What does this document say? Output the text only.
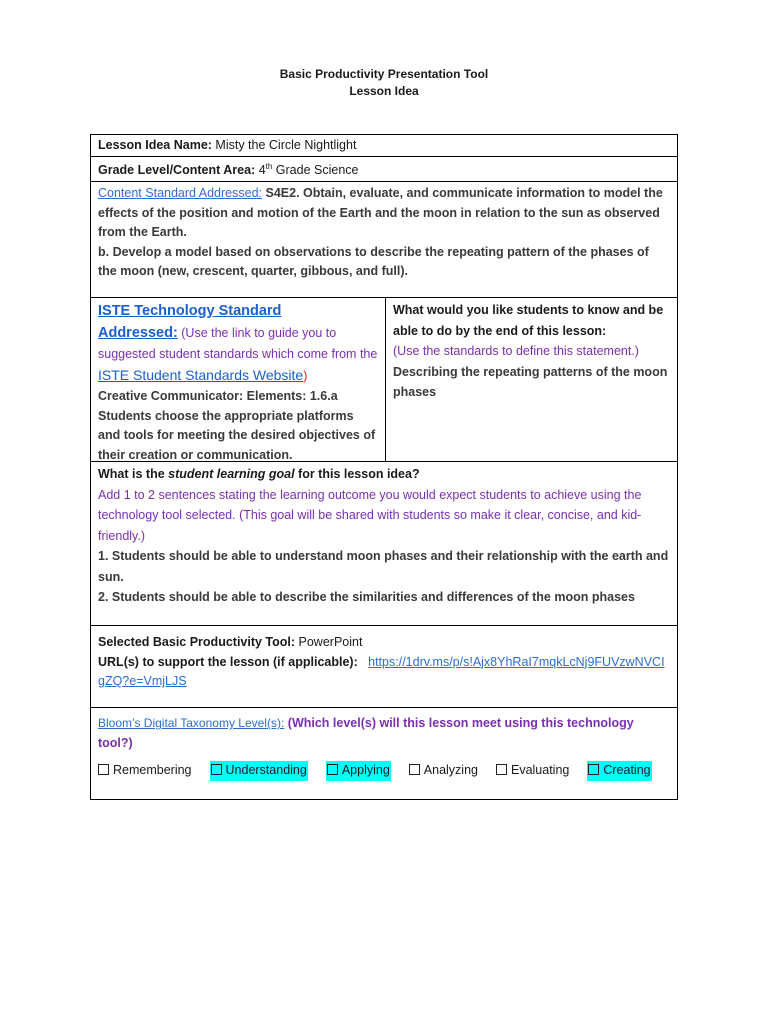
Basic Productivity Presentation Tool
Lesson Idea
Lesson Idea Name: Misty the Circle Nightlight
Grade Level/Content Area: 4th Grade Science
Content Standard Addressed: S4E2. Obtain, evaluate, and communicate information to model the effects of the position and motion of the Earth and the moon in relation to the sun as observed from the Earth.
b. Develop a model based on observations to describe the repeating pattern of the phases of the moon (new, crescent, quarter, gibbous, and full).
ISTE Technology Standard
Addressed: (Use the link to guide you to suggested student standards which come from the ISTE Student Standards Website)
Creative Communicator: Elements: 1.6.a Students choose the appropriate platforms and tools for meeting the desired objectives of their creation or communication.
What would you like students to know and be able to do by the end of this lesson:
(Use the standards to define this statement.)
Describing the repeating patterns of the moon phases
What is the student learning goal for this lesson idea?
Add 1 to 2 sentences stating the learning outcome you would expect students to achieve using the technology tool selected. (This goal will be shared with students so make it clear, concise, and kid-friendly.)
1. Students should be able to understand moon phases and their relationship with the earth and sun.
2. Students should be able to describe the similarities and differences of the moon phases
Selected Basic Productivity Tool: PowerPoint
URL(s) to support the lesson (if applicable): https://1drv.ms/p/s!Ajx8YhRaI7mqkLcNj9FUVzwNVCIgZQ?e=VmjLJS
Bloom’s Digital Taxonomy Level(s): (Which level(s) will this lesson meet using this technology tool?)
Remembering	Understanding	Applying	Analyzing	Evaluating	Creating
